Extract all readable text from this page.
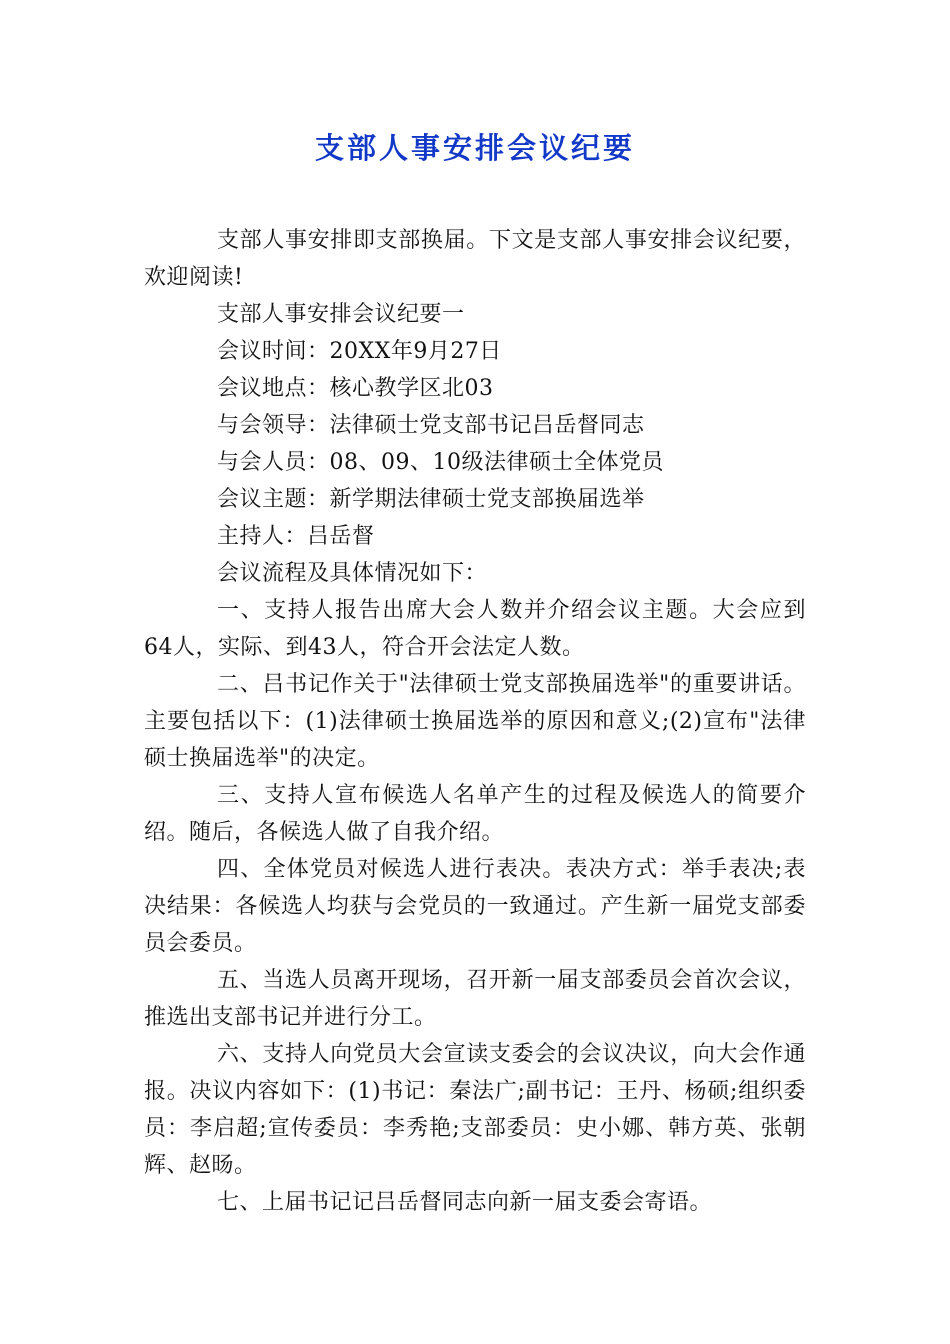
支部人事安排会议纪要

支部人事安排即支部换届。下文是支部人事安排会议纪要，欢迎阅读!

支部人事安排会议纪要一

会议时间：20XX年9月27日

会议地点：核心教学区北03

与会领导：法律硕士党支部书记吕岳督同志

与会人员：08、09、10级法律硕士全体党员

会议主题：新学期法律硕士党支部换届选举

主持人：吕岳督

会议流程及具体情况如下：

一、支持人报告出席大会人数并介绍会议主题。大会应到64人，实际、到43人，符合开会法定人数。

二、吕书记作关于"法律硕士党支部换届选举"的重要讲话。主要包括以下：(1)法律硕士换届选举的原因和意义;(2)宣布"法律硕士换届选举"的决定。

三、支持人宣布候选人名单产生的过程及候选人的简要介绍。随后，各候选人做了自我介绍。

四、全体党员对候选人进行表决。表决方式：举手表决;表决结果：各候选人均获与会党员的一致通过。产生新一届党支部委员会委员。

五、当选人员离开现场，召开新一届支部委员会首次会议，推选出支部书记并进行分工。

六、支持人向党员大会宣读支委会的会议决议，向大会作通报。决议内容如下：(1)书记：秦法广;副书记：王丹、杨硕;组织委员：李启超;宣传委员：李秀艳;支部委员：史小娜、韩方英、张朝辉、赵旸。

七、上届书记记吕岳督同志向新一届支委会寄语。
